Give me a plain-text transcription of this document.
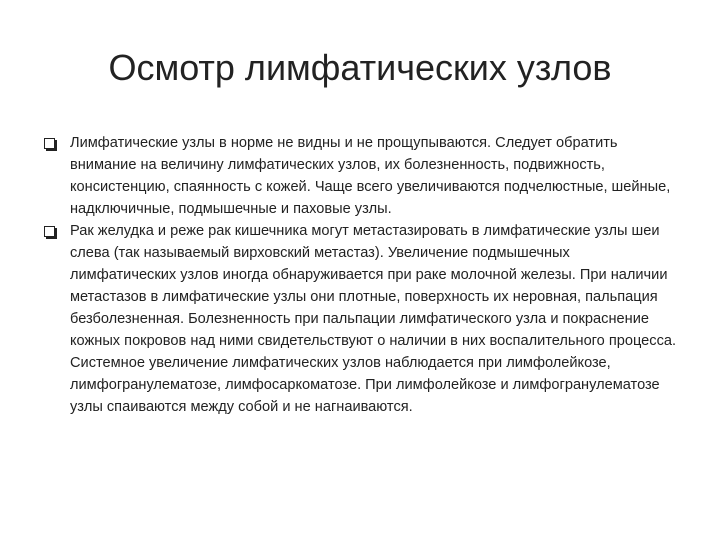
Осмотр лимфатических узлов
Лимфатические узлы в норме не видны и не прощупываются. Следует обратить внимание на величину лимфатических узлов, их болезненность, подвижность, консистенцию, спаянность с кожей. Чаще всего увеличиваются подчелюстные, шейные, надключичные, подмышечные и паховые узлы.
Рак желудка и реже рак кишечника могут метастазировать в лимфатические узлы шеи слева (так называемый вирховский метастаз). Увеличение подмышечных лимфатических узлов иногда обнаруживается при раке молочной железы. При наличии метастазов в лимфатические узлы они плотные, поверхность их неровная, пальпация безболезненная. Болезненность при пальпации лимфатического узла и покраснение кожных покровов над ними свидетельствуют о наличии в них воспалительного процесса. Системное увеличение лимфатических узлов наблюдается при лимфолейкозе, лимфогранулематозе, лимфосаркоматозе. При лимфолейкозе и лимфогранулематозе узлы спаиваются между собой и не нагнаиваются.
